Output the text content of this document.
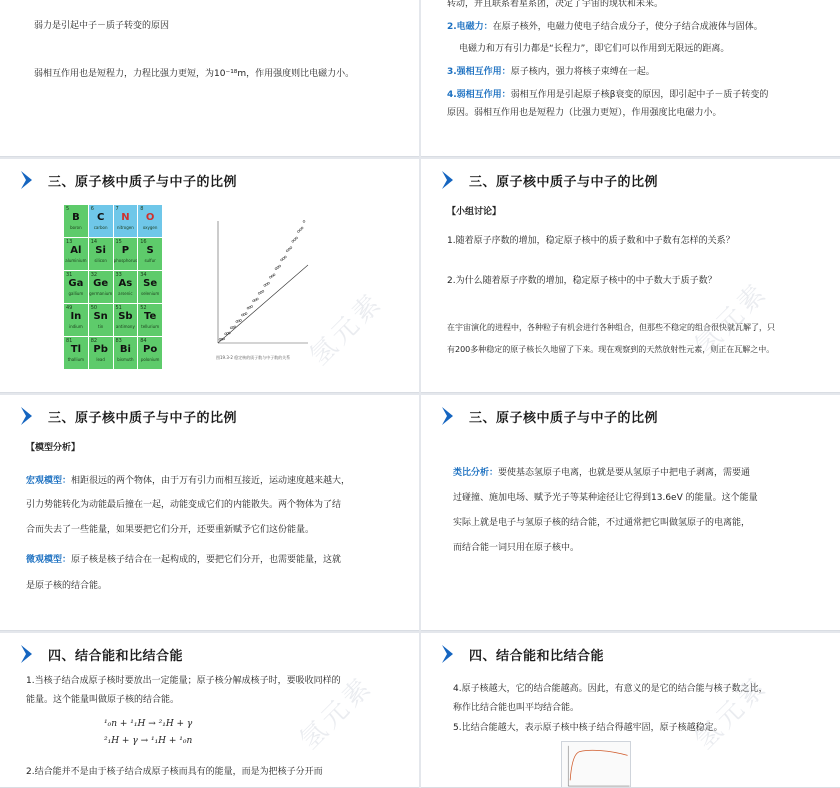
弱力是引起中子－质子转变的原因
弱相互作用也是短程力，力程比强力更短，为10⁻¹⁸m，作用强度则比电磁力小。
转动，并且联系着星系团，决定了宇宙的现状和未来。
2.电磁力：在原子核外，电磁力使电子结合成分子，使分子结合成液体与固体。
电磁力和万有引力都是“长程力”，即它们可以作用到无限远的距离。
3.强相互作用：原子核内，强力将核子束缚在一起。
4.弱相互作用：弱相互作用是引起原子核β衰变的原因，即引起中子－质子转变的
原因。弱相互作用也是短程力（比强力更短），作用强度比电磁力小。
三、原子核中质子与中子的比例
5
B
boron
6
C
carbon
7
N
nitrogen
8
O
oxygen
13
Al
aluminium
14
Si
silicon
15
P
phosphorus
16
S
sulfur
31
Ga
gallium
32
Ge
germanium
33
As
arsenic
34
Se
selenium
49
In
indium
50
Sn
tin
51
Sb
antimony
52
Te
tellurium
81
Tl
thallium
82
Pb
lead
83
Bi
bismuth
84
Po
polonium	图19.3-2 稳定核的质子数与中子数的关系 氢元素
三、原子核中质子与中子的比例
【小组讨论】
1.随着原子序数的增加，稳定原子核中的质子数和中子数有怎样的关系？
2.为什么随着原子序数的增加，稳定原子核中的中子数大于质子数？
在宇宙演化的进程中，各种粒子有机会进行各种组合，但那些不稳定的组合很快就瓦解了，只
有200多种稳定的原子核长久地留了下来。现在观察到的天然放射性元素，则正在瓦解之中。
氢元素
三、原子核中质子与中子的比例
【模型分析】
宏观模型：相距很远的两个物体，由于万有引力而相互接近，运动速度越来越大，
引力势能转化为动能最后撞在一起，动能变成它们的内能散失。两个物体为了结
合而失去了一些能量，如果要把它们分开，还要重新赋予它们这份能量。
微观模型：原子核是核子结合在一起构成的，要把它们分开，也需要能量，这就
是原子核的结合能。
三、原子核中质子与中子的比例
类比分析：要使基态氢原子电离，也就是要从氢原子中把电子剥离，需要通
过碰撞、施加电场、赋予光子等某种途径让它得到13.6eV 的能量。这个能量
实际上就是电子与氢原子核的结合能，不过通常把它叫做氢原子的电离能，
而结合能一词只用在原子核中。
四、结合能和比结合能
1.当核子结合成原子核时要放出一定能量；原子核分解成核子时，要吸收同样的
能量。这个能量叫做原子核的结合能。
¹₀n + ¹₁H → ²₁H + γ
²₁H + γ → ¹₁H + ¹₀n
2.结合能并不是由于核子结合成原子核而具有的能量，而是为把核子分开而
氢元素
四、结合能和比结合能
4.原子核越大，它的结合能越高。因此，有意义的是它的结合能与核子数之比，
称作比结合能也叫平均结合能。
5.比结合能越大，表示原子核中核子结合得越牢固，原子核越稳定。
氢元素
